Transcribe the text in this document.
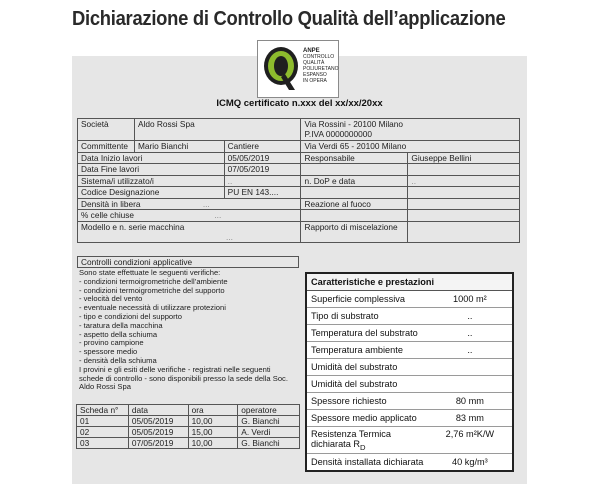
Dichiarazione di Controllo Qualità dell’applicazione
ANPE
CONTROLLO
QUALITÀ
POLIURETANO
ESPANSO
IN OPERA
ICMQ certificato n.xxx del xx/xx/20xx
Società	Aldo Rossi Spa		Via Rossini - 20100 Milano
P.IVA 0000000000	
Committente	Mario Bianchi	Cantiere	Via Verdi 65 - 20100 Milano	
Data Inizio lavori		05/05/2019	Responsabile	Giuseppe Bellini
Data Fine lavori		07/05/2019		
Sistema/i utilizzato/i		..	n. DoP e data	..
Codice Designazione		PU EN 143....		
Densità in libera ...			Reazione al fuoco	
% celle chiuse ...				
Modello e n. serie macchina
...			Rapporto di miscelazione	
Controlli condizioni applicative
Sono state effettuate le seguenti verifiche:
- condizioni termoigrometriche dell’ambiente
- condizioni termoigrometriche del supporto
- velocità del vento
- eventuale necessità di utilizzare protezioni
- tipo e condizioni del supporto
- taratura della macchina
- aspetto della schiuma
- provino campione
- spessore medio
- densità della schiuma
I provini e gli esiti delle verifiche - registrati nelle seguenti
schede di controllo - sono disponibili presso la sede della Soc.
Aldo Rossi Spa
Scheda n°	data	ora	operatore
01	05/05/2019	10,00	G. Bianchi
02	05/05/2019	15,00	A. Verdi
03	07/05/2019	10,00	G. Bianchi
Caratteristiche e prestazioni	
Superficie complessiva	1000 m²
Tipo di substrato	..
Temperatura del substrato	..
Temperatura ambiente	..
Umidità del substrato	
Umidità del substrato	
Spessore richiesto	80 mm
Spessore medio applicato	83 mm
Resistenza Termica
dichiarata $R_D$	2,76 m²K/W
Densità installata dichiarata	40 kg/m³
